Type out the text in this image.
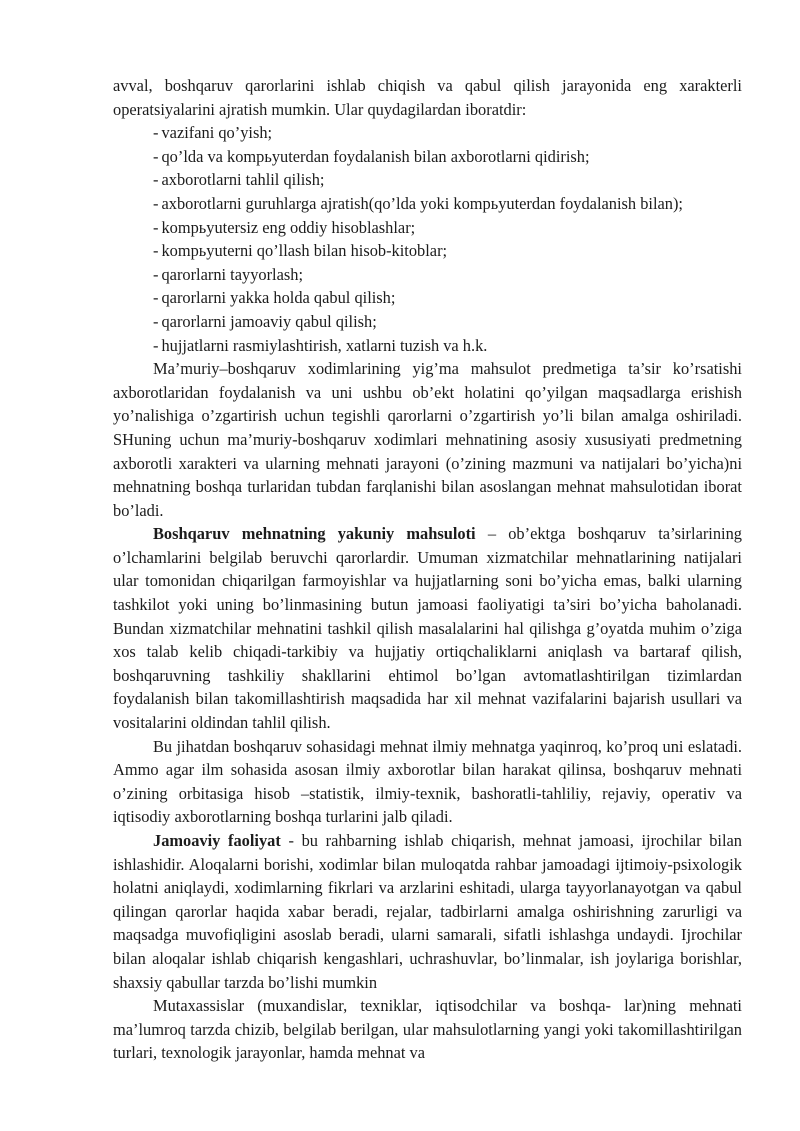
avval, boshqaruv qarorlarini ishlab chiqish va qabul qilish jarayonida eng xarakterli operatsiyalarini ajratish mumkin. Ular quydagilardan iboratdir:

- vazifani qo’yish;

- qo’lda va kompьyuterdan foydalanish bilan axborotlarni qidirish;

- axborotlarni tahlil qilish;

- axborotlarni guruhlarga ajratish(qo’lda yoki kompьyuterdan foydalanish bilan);

- kompьyutersiz eng oddiy hisoblashlar;

- kompьyuterni qo’llash bilan hisob-kitoblar;

- qarorlarni tayyorlash;

- qarorlarni yakka holda qabul qilish;

- qarorlarni jamoaviy qabul qilish;

- hujjatlarni rasmiylashtirish, xatlarni tuzish va h.k.

Ma’muriy–boshqaruv xodimlarining yig’ma mahsulot predmetiga ta’sir ko’rsatishi axborotlaridan foydalanish va uni ushbu ob’ekt holatini qo’yilgan maqsadlarga erishish yo’nalishiga o’zgartirish uchun tegishli qarorlarni o’zgartirish yo’li bilan amalga oshiriladi. SHuning uchun ma’muriy-boshqaruv xodimlari mehnatining asosiy xususiyati predmetning axborotli xarakteri va ularning mehnati jarayoni (o’zining mazmuni va natijalari bo’yicha)ni mehnatning boshqa turlaridan tubdan farqlanishi bilan asoslangan mehnat mahsulotidan iborat bo’ladi.

Boshqaruv mehnatning yakuniy mahsuloti – ob’ektga boshqaruv ta’sirlarining o’lchamlarini belgilab beruvchi qarorlardir. Umuman xizmatchilar mehnatlarining natijalari ular tomonidan chiqarilgan farmoyishlar va hujjatlarning soni bo’yicha emas, balki ularning tashkilot yoki uning bo’linmasining butun jamoasi faoliyatigi ta’siri bo’yicha baholanadi. Bundan xizmatchilar mehnatini tashkil qilish masalalarini hal qilishga g’oyatda muhim o’ziga xos talab kelib chiqadi-tarkibiy va hujjatiy ortiqchaliklarni aniqlash va bartaraf qilish, boshqaruvning tashkiliy shakllarini ehtimol bo’lgan avtomatlashtirilgan tizimlardan foydalanish bilan takomillashtirish maqsadida har xil mehnat vazifalarini bajarish usullari va vositalarini oldindan tahlil qilish.

Bu jihatdan boshqaruv sohasidagi mehnat ilmiy mehnatga yaqinroq, ko’proq uni eslatadi. Ammo agar ilm sohasida asosan ilmiy axborotlar bilan harakat qilinsa, boshqaruv mehnati o’zining orbitasiga hisob –statistik, ilmiy-texnik, bashoratli-tahliliy, rejaviy, operativ va iqtisodiy axborotlarning boshqa turlarini jalb qiladi.

Jamoaviy faoliyat - bu rahbarning ishlab chiqarish, mehnat jamoasi, ijrochilar bilan ishlashidir. Aloqalarni borishi, xodimlar bilan muloqatda rahbar jamoadagi ijtimoiy-psixologik holatni aniqlaydi, xodimlarning fikrlari va arzlarini eshitadi, ularga tayyorlanayotgan va qabul qilingan qarorlar haqida xabar beradi, rejalar, tadbirlarni amalga oshirishning zarurligi va maqsadga muvofiqligini asoslab beradi, ularni samarali, sifatli ishlashga undaydi. Ijrochilar bilan aloqalar ishlab chiqarish kengashlari, uchrashuvlar, bo’linmalar, ish joylariga borishlar, shaxsiy qabullar tarzda bo’lishi mumkin

Mutaxassislar (muxandislar, texniklar, iqtisodchilar va boshqa- lar)ning mehnati ma’lumroq tarzda chizib, belgilab berilgan, ular mahsulotlarning yangi yoki takomillashtirilgan turlari, texnologik jarayonlar, hamda mehnat va
